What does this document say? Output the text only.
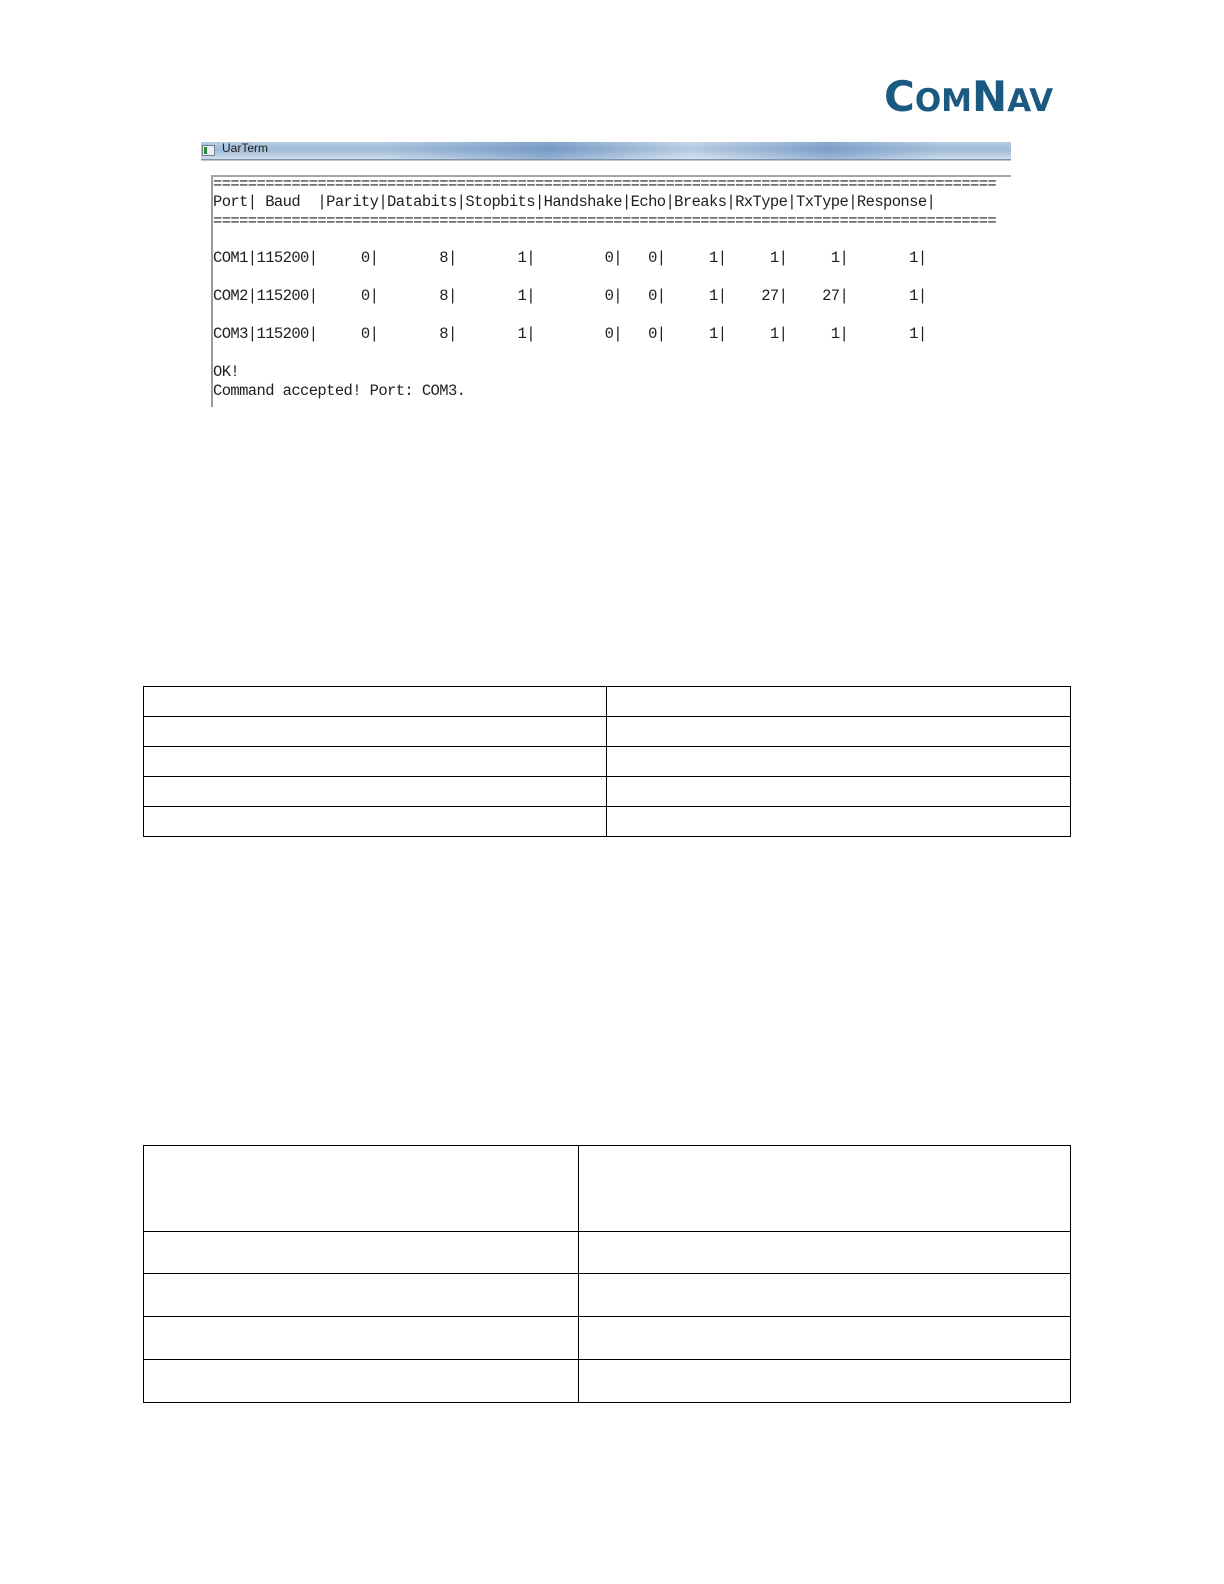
COMNAV
UarTerm

==========================================================================================

Port| Baud  |Parity|Databits|Stopbits|Handshake|Echo|Breaks|RxType|TxType|Response|

==========================================================================================

COM1|115200|     0|       8|       1|        0|   0|     1|     1|     1|       1|

COM2|115200|     0|       8|       1|        0|   0|     1|    27|    27|       1|

COM3|115200|     0|       8|       1|        0|   0|     1|     1|     1|       1|

OK!

Command accepted! Port: COM3.
